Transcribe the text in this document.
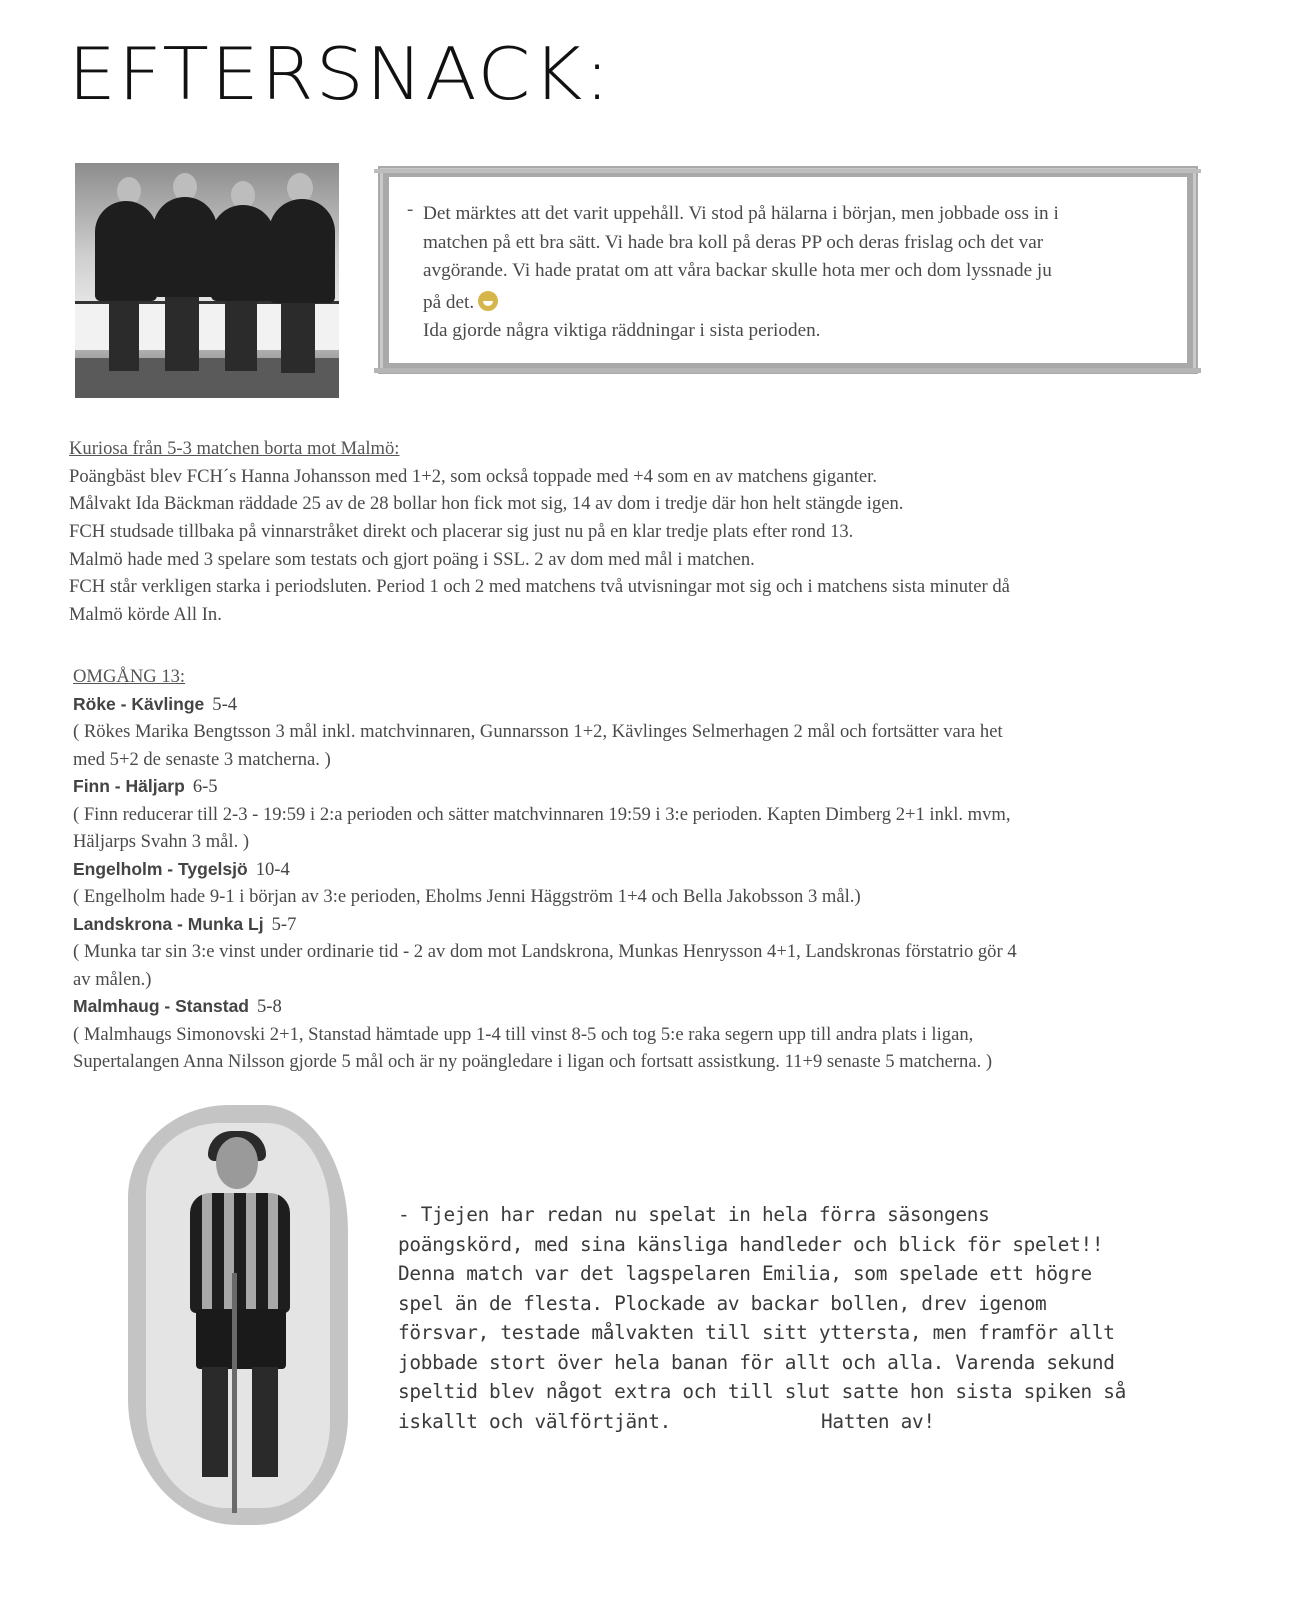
EFTERSNACK:
- Det märktes att det varit uppehåll. Vi stod på hälarna i början, men jobbade oss in i
matchen på ett bra sätt. Vi hade bra koll på deras PP och deras frislag och det var
avgörande. Vi hade pratat om att våra backar skulle hota mer och dom lyssnade ju
på det.
Ida gjorde några viktiga räddningar i sista perioden.
Kuriosa från 5-3 matchen borta mot Malmö:
Poängbäst blev FCH´s Hanna Johansson med 1+2, som också toppade med +4 som en av matchens giganter.
Målvakt Ida Bäckman räddade 25 av de 28 bollar hon fick mot sig, 14 av dom i tredje där hon helt stängde igen.
FCH studsade tillbaka på vinnarstråket direkt och placerar sig just nu på en klar tredje plats efter rond 13.
Malmö hade med 3 spelare som testats och gjort poäng i SSL. 2 av dom med mål i matchen.
FCH står verkligen starka i periodsluten. Period 1 och 2 med matchens två utvisningar mot sig och i matchens sista minuter då
Malmö körde All In.
OMGÅNG 13:
Röke - Kävlinge 5-4
( Rökes Marika Bengtsson 3 mål inkl. matchvinnaren, Gunnarsson 1+2, Kävlinges Selmerhagen 2 mål och fortsätter vara het
med 5+2 de senaste 3 matcherna. )
Finn - Häljarp 6-5
( Finn reducerar till 2-3 - 19:59 i 2:a perioden och sätter matchvinnaren 19:59 i 3:e perioden. Kapten Dimberg 2+1 inkl. mvm,
Häljarps Svahn 3 mål. )
Engelholm - Tygelsjö 10-4
( Engelholm hade 9-1 i början av 3:e perioden, Eholms Jenni Häggström 1+4 och Bella Jakobsson 3 mål.)
Landskrona - Munka Lj 5-7
( Munka tar sin 3:e vinst under ordinarie tid - 2 av dom mot Landskrona, Munkas Henrysson 4+1, Landskronas förstatrio gör 4
av målen.)
Malmhaug - Stanstad 5-8
( Malmhaugs Simonovski 2+1, Stanstad hämtade upp 1-4 till vinst 8-5 och tog 5:e raka segern upp till andra plats i ligan,
Supertalangen Anna Nilsson gjorde 5 mål och är ny poängledare i ligan och fortsatt assistkung. 11+9 senaste 5 matcherna. )
- Tjejen har redan nu spelat in hela förra säsongens
poängskörd, med sina känsliga handleder och blick för spelet!!
Denna match var det lagspelaren Emilia, som spelade ett högre
spel än de flesta. Plockade av backar bollen, drev igenom
försvar, testade målvakten till sitt yttersta, men framför allt
jobbade stort över hela banan för allt och alla. Varenda sekund
speltid blev något extra och till slut satte hon sista spiken så
iskallt och välförtjänt.	Hatten av!
